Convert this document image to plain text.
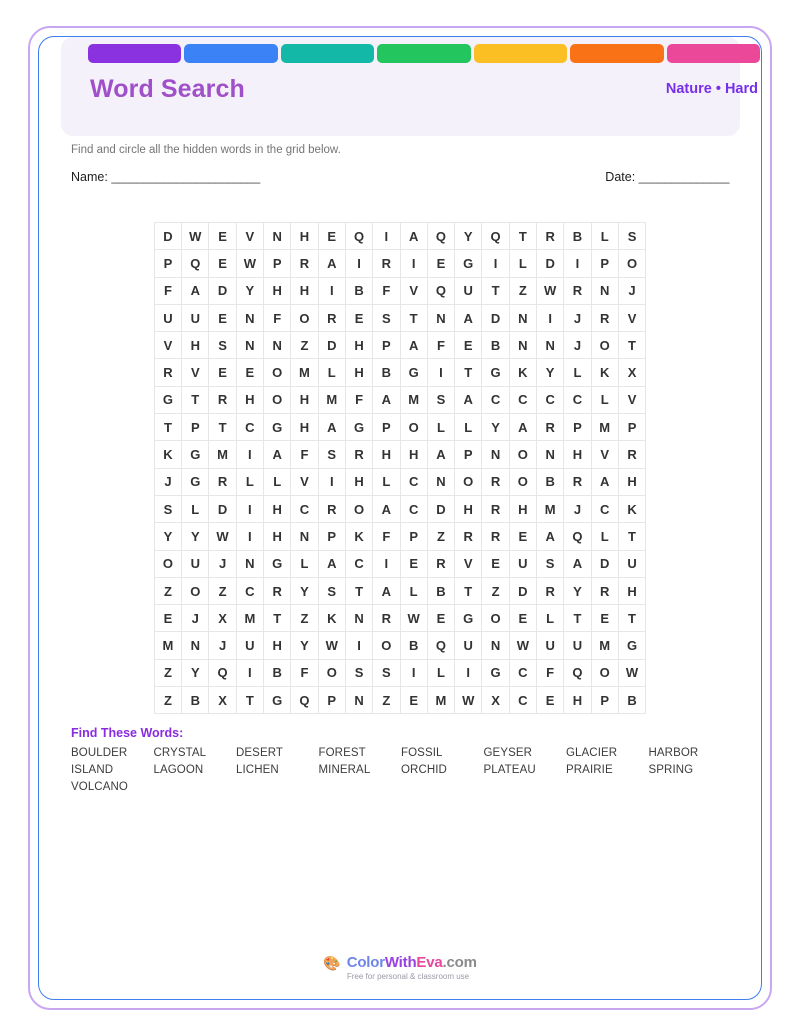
Word Search	Nature • Hard
Find and circle all the hidden words in the grid below.
Name: _______________________	Date: ______________
D	W	E	V	N	H	E	Q	I	A	Q	Y	Q	T	R	B	L	S
P	Q	E	W	P	R	A	I	R	I	E	G	I	L	D	I	P	O
F	A	D	Y	H	H	I	B	F	V	Q	U	T	Z	W	R	N	J
U	U	E	N	F	O	R	E	S	T	N	A	D	N	I	J	R	V
V	H	S	N	N	Z	D	H	P	A	F	E	B	N	N	J	O	T
R	V	E	E	O	M	L	H	B	G	I	T	G	K	Y	L	K	X
G	T	R	H	O	H	M	F	A	M	S	A	C	C	C	C	L	V
T	P	T	C	G	H	A	G	P	O	L	L	Y	A	R	P	M	P
K	G	M	I	A	F	S	R	H	H	A	P	N	O	N	H	V	R
J	G	R	L	L	V	I	H	L	C	N	O	R	O	B	R	A	H
S	L	D	I	H	C	R	O	A	C	D	H	R	H	M	J	C	K
Y	Y	W	I	H	N	P	K	F	P	Z	R	R	E	A	Q	L	T
O	U	J	N	G	L	A	C	I	E	R	V	E	U	S	A	D	U
Z	O	Z	C	R	Y	S	T	A	L	B	T	Z	D	R	Y	R	H
E	J	X	M	T	Z	K	N	R	W	E	G	O	E	L	T	E	T
M	N	J	U	H	Y	W	I	O	B	Q	U	N	W	U	U	M	G
Z	Y	Q	I	B	F	O	S	S	I	L	I	G	C	F	Q	O	W
Z	B	X	T	G	Q	P	N	Z	E	M	W	X	C	E	H	P	B
Find These Words:
BOULDER	CRYSTAL	DESERT	FOREST	FOSSIL	GEYSER	GLACIER	HARBOR
ISLAND	LAGOON	LICHEN	MINERAL	ORCHID	PLATEAU	PRAIRIE	SPRING
VOLCANO
🎨 ColorWithEva.com
Free for personal & classroom use
